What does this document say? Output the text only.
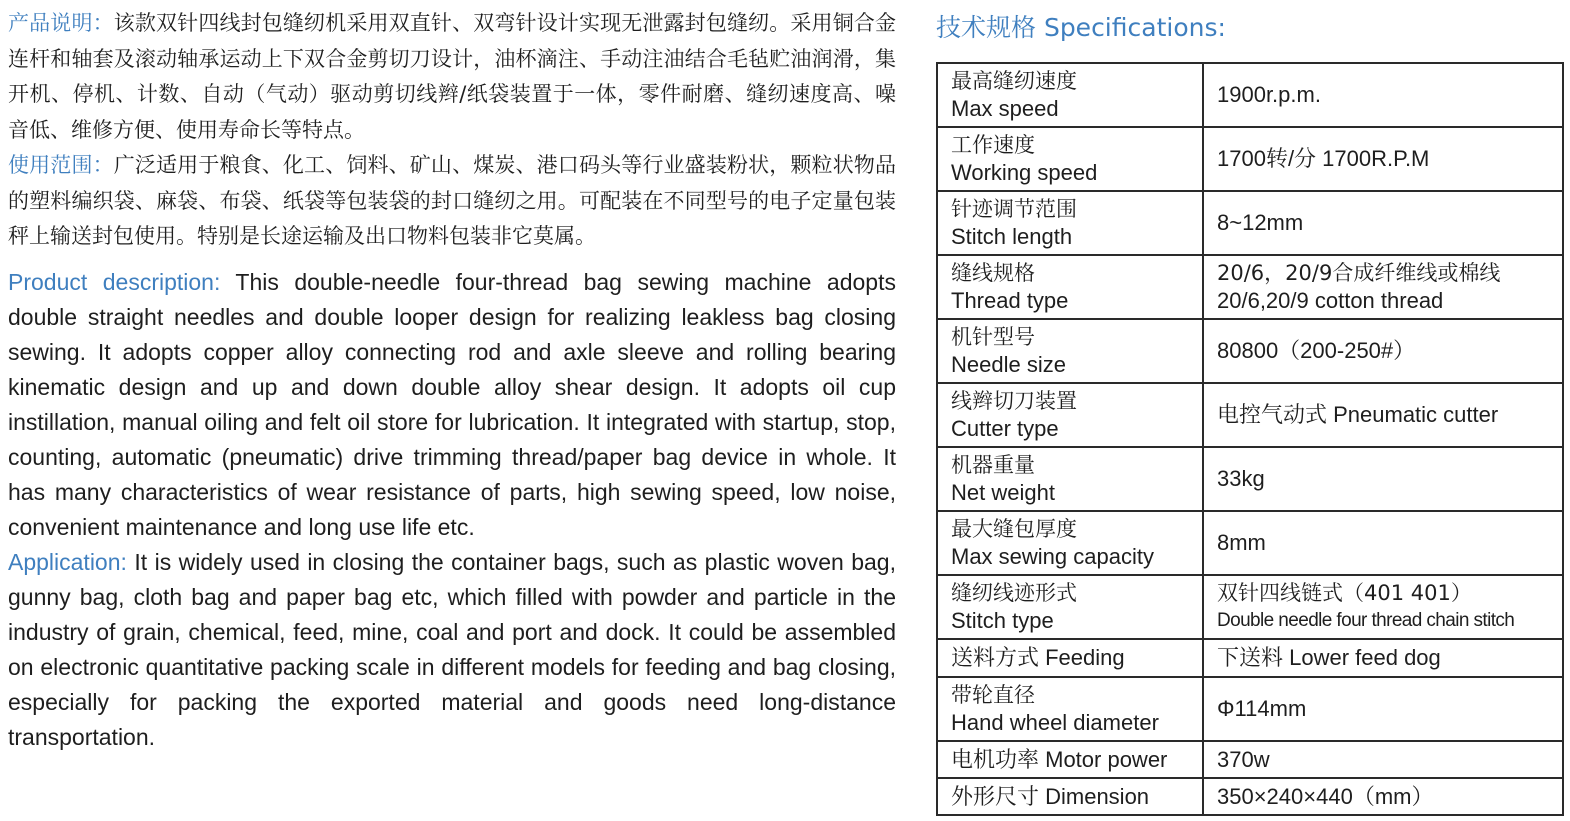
产品说明：该款双针四线封包缝纫机采用双直针、双弯针设计实现无泄露封包缝纫。采用铜合金连杆和轴套及滚动轴承运动上下双合金剪切刀设计，油杯滴注、手动注油结合毛毡贮油润滑，集开机、停机、计数、自动（气动）驱动剪切线辫/纸袋装置于一体，零件耐磨、缝纫速度高、噪音低、维修方便、使用寿命长等特点。

使用范围：广泛适用于粮食、化工、饲料、矿山、煤炭、港口码头等行业盛装粉状，颗粒状物品的塑料编织袋、麻袋、布袋、纸袋等包装袋的封口缝纫之用。可配装在不同型号的电子定量包装秤上输送封包使用。特别是长途运输及出口物料包装非它莫属。

Product description: This double-needle four-thread bag sewing machine adopts double straight needles and double looper design for realizing leakless bag closing sewing. It adopts copper alloy connecting rod and axle sleeve and rolling bearing kinematic design and up and down double alloy shear design. It adopts oil cup instillation, manual oiling and felt oil store for lubrication. It integrated with startup, stop, counting, automatic (pneumatic) drive trimming thread/paper bag device in whole. It has many characteristics of wear resistance of parts, high sewing speed, low noise, convenient maintenance and long use life etc.

Application: It is widely used in closing the container bags, such as plastic woven bag, gunny bag, cloth bag and paper bag etc, which filled with powder and particle in the industry of grain, chemical, feed, mine, coal and port and dock. It could be assembled on electronic quantitative packing scale in different models for feeding and bag closing, especially for packing the exported material and goods need long-distance transportation.

技术规格 Specifications:
最高缝纫速度
Max speed	1900r.p.m.

工作速度
Working speed	1700转/分 1700R.P.M

针迹调节范围
Stitch length	8~12mm

缝线规格
Thread type	20/6，20/9合成纤维线或棉线
20/6,20/9 cotton thread

机针型号
Needle size	80800（200-250#）

线辫切刀装置
Cutter type	电控气动式 Pneumatic cutter

机器重量
Net weight	33kg

最大缝包厚度
Max sewing capacity	8mm

缝纫线迹形式
Stitch type	双针四线链式（401 401）
Double needle four thread chain stitch

送料方式 Feeding	下送料 Lower feed dog

带轮直径
Hand wheel diameter	Φ114mm
电机功率 Motor power	370w
外形尺寸 Dimension	350×240×440（mm）
